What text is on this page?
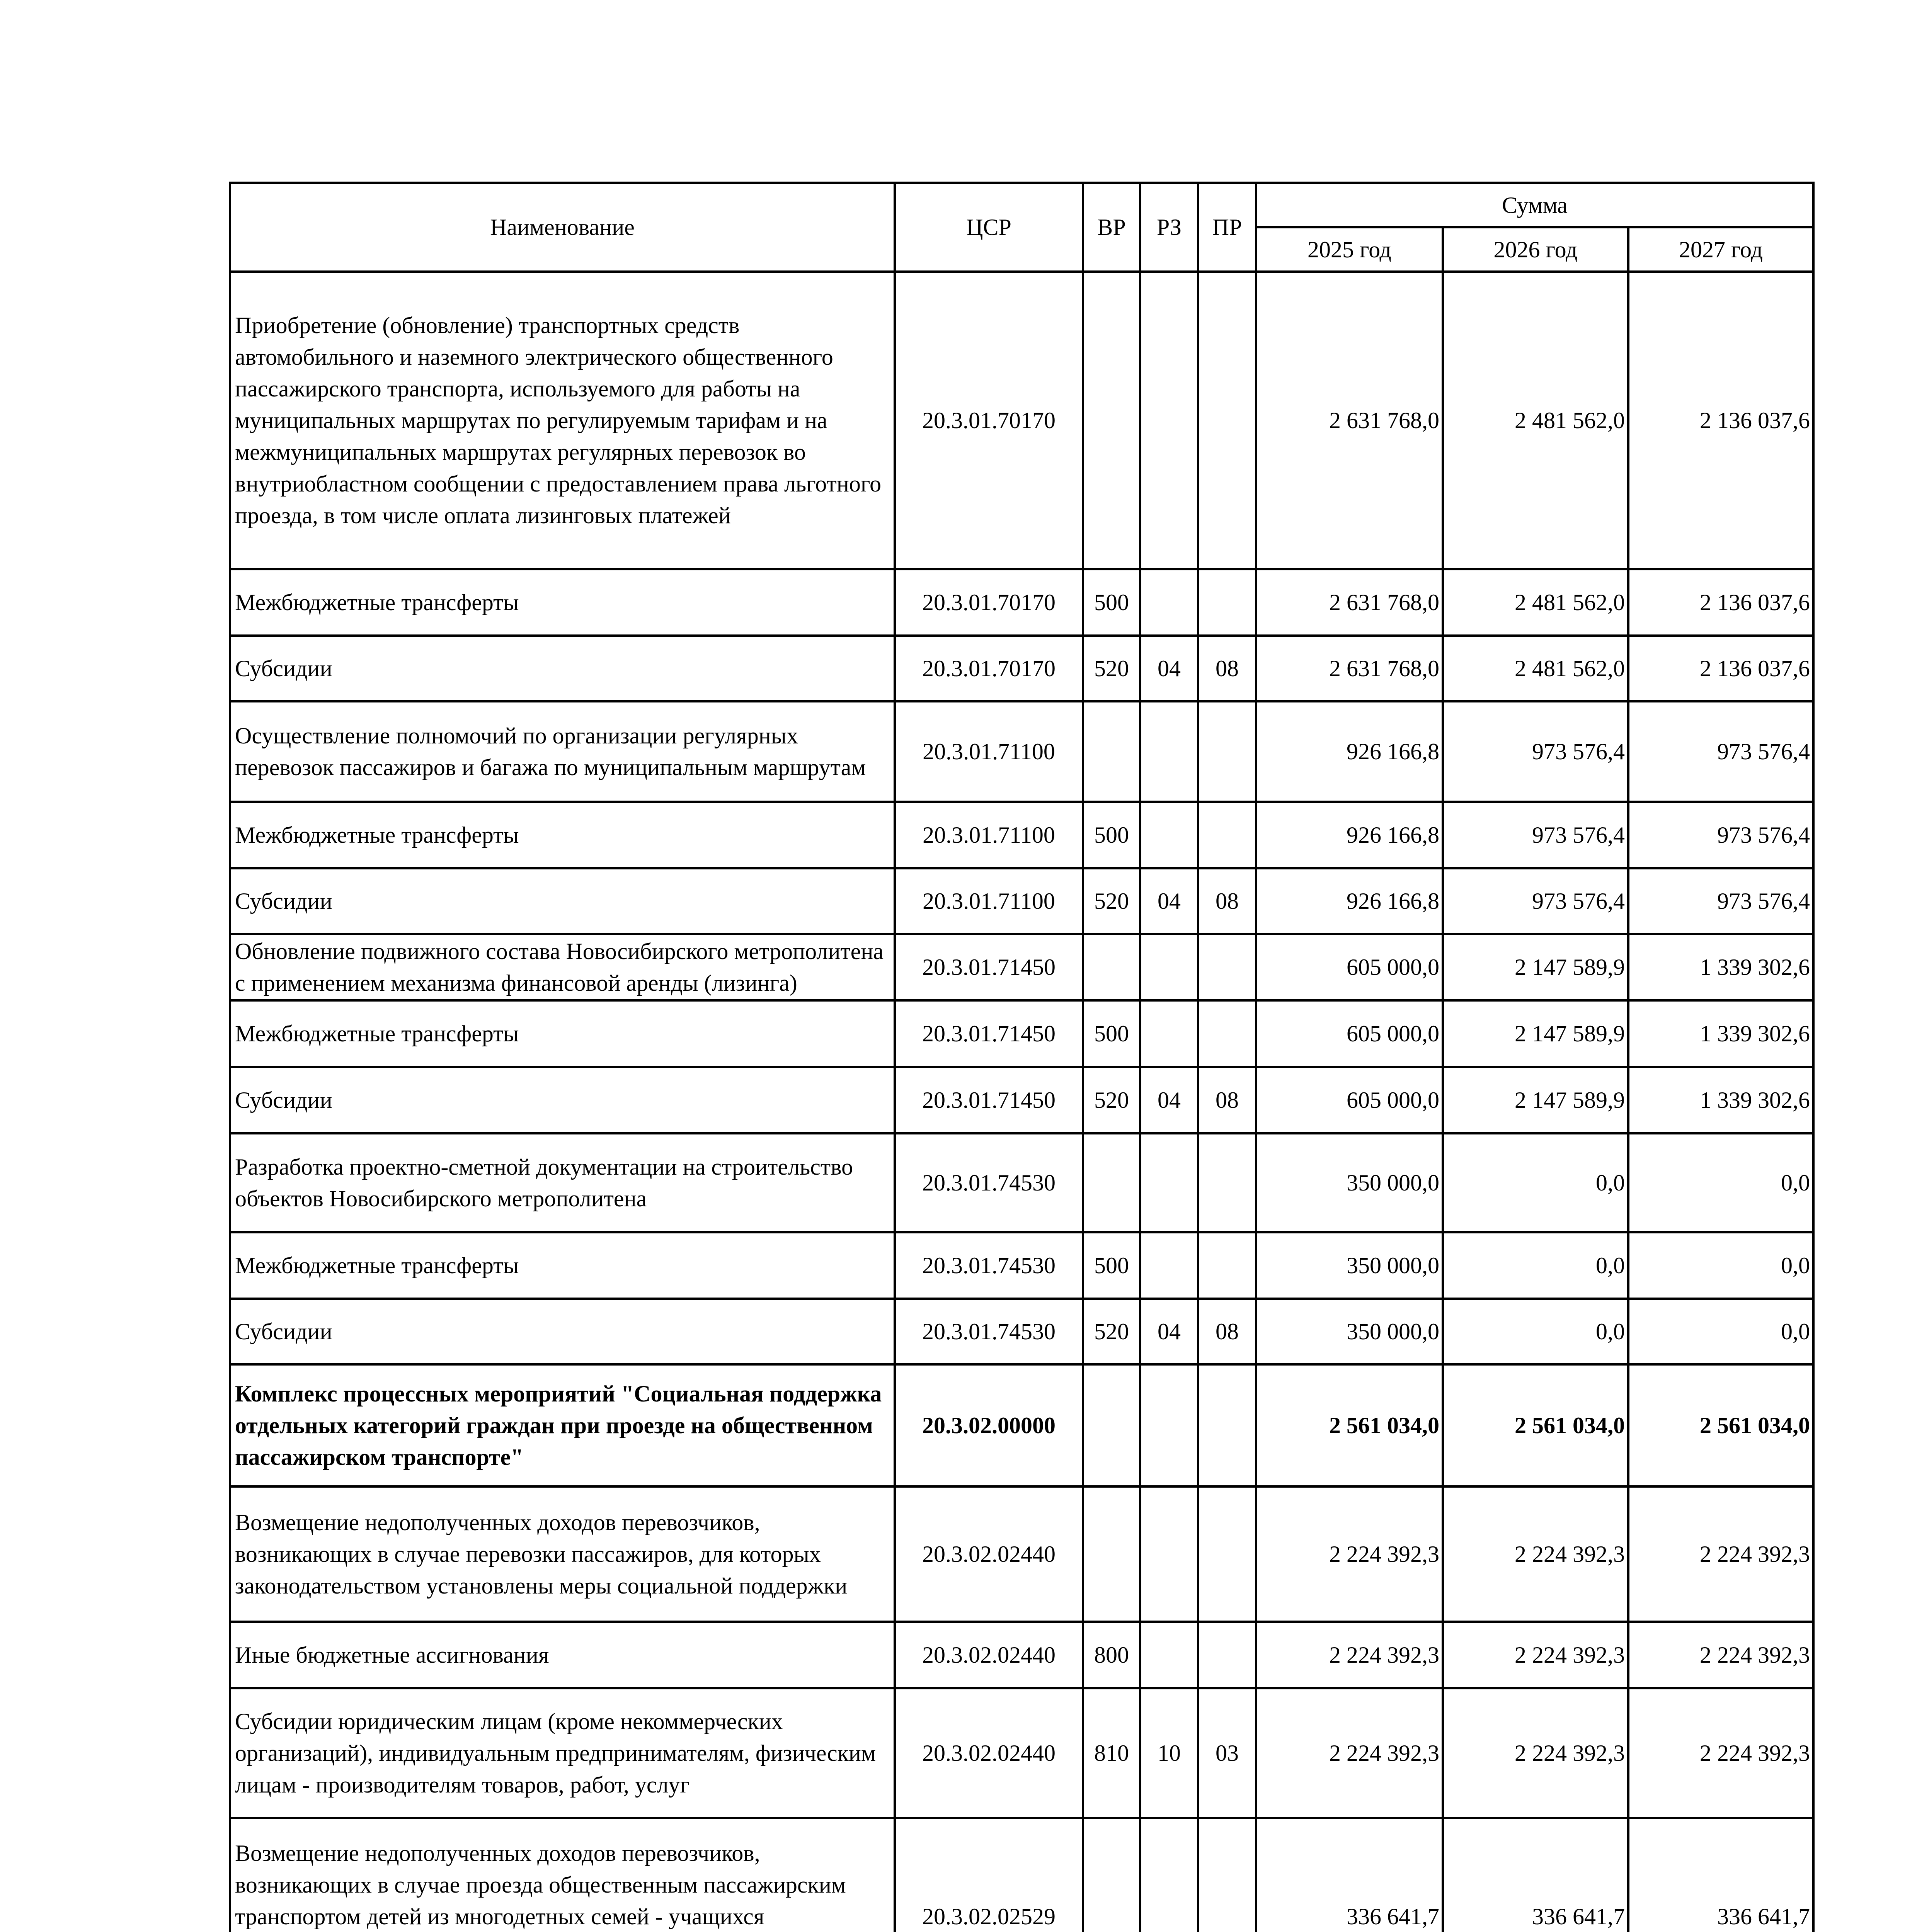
Наименование	ЦСР	ВР	РЗ	ПР	Сумма		
					2025 год	2026 год	2027 год
Приобретение (обновление) транспортных средств автомобильного и наземного электрического общественного пассажирского транспорта, используемого для работы на муниципальных маршрутах по регулируемым тарифам и на межмуниципальных маршрутах регулярных перевозок во внутриобластном сообщении с предоставлением права льготного проезда, в том числе оплата лизинговых платежей	20.3.01.70170				2 631 768,0	2 481 562,0	2 136 037,6
Межбюджетные трансферты	20.3.01.70170	500			2 631 768,0	2 481 562,0	2 136 037,6
Субсидии	20.3.01.70170	520	04	08	2 631 768,0	2 481 562,0	2 136 037,6
Осуществление полномочий по организации регулярных перевозок пассажиров и багажа по муниципальным маршрутам	20.3.01.71100				926 166,8	973 576,4	973 576,4
Межбюджетные трансферты	20.3.01.71100	500			926 166,8	973 576,4	973 576,4
Субсидии	20.3.01.71100	520	04	08	926 166,8	973 576,4	973 576,4
Обновление подвижного состава Новосибирского метрополитена с применением механизма финансовой аренды (лизинга)	20.3.01.71450				605 000,0	2 147 589,9	1 339 302,6
Межбюджетные трансферты	20.3.01.71450	500			605 000,0	2 147 589,9	1 339 302,6
Субсидии	20.3.01.71450	520	04	08	605 000,0	2 147 589,9	1 339 302,6
Разработка проектно-сметной документации на строительство объектов Новосибирского метрополитена	20.3.01.74530				350 000,0	0,0	0,0
Межбюджетные трансферты	20.3.01.74530	500			350 000,0	0,0	0,0
Субсидии	20.3.01.74530	520	04	08	350 000,0	0,0	0,0
Комплекс процессных мероприятий "Социальная поддержка отдельных категорий граждан при проезде на общественном пассажирском транспорте"	20.3.02.00000				2 561 034,0	2 561 034,0	2 561 034,0
Возмещение недополученных доходов перевозчиков, возникающих в случае перевозки пассажиров, для которых законодательством установлены меры социальной поддержки	20.3.02.02440				2 224 392,3	2 224 392,3	2 224 392,3
Иные бюджетные ассигнования	20.3.02.02440	800			2 224 392,3	2 224 392,3	2 224 392,3
Субсидии юридическим лицам (кроме некоммерческих организаций), индивидуальным предпринимателям, физическим лицам - производителям товаров, работ, услуг	20.3.02.02440	810	10	03	2 224 392,3	2 224 392,3	2 224 392,3
Возмещение недополученных доходов перевозчиков, возникающих в случае проезда общественным пассажирским транспортом детей из многодетных семей - учащихся	20.3.02.02529				336 641,7	336 641,7	336 641,7
